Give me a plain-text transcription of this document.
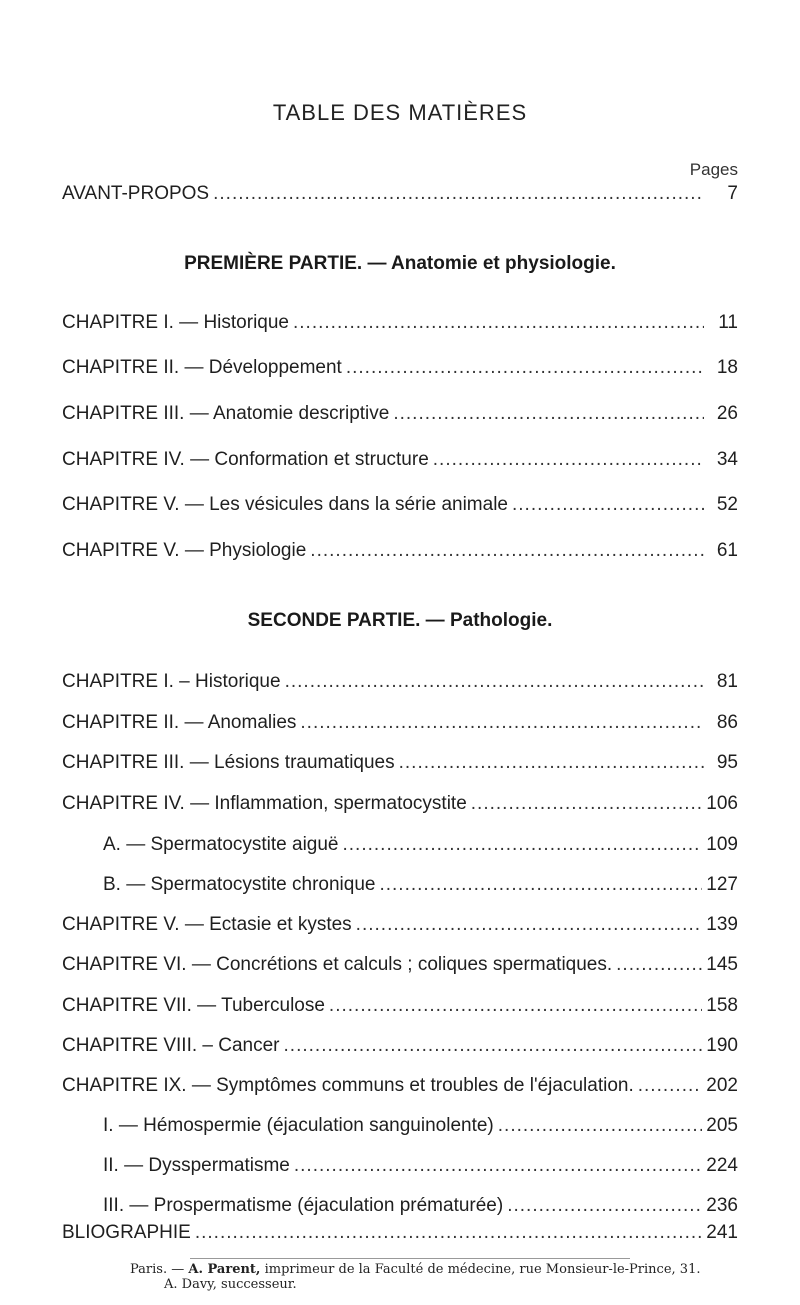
TABLE DES MATIÈRES
Pages
AVANT-PROPOS .....	7
PREMIÈRE PARTIE. — Anatomie et physiologie.
CHAPITRE I. — Historique .....	11
CHAPITRE II. — Développement .....	18
CHAPITRE III. — Anatomie descriptive .....	26
CHAPITRE IV. — Conformation et structure .....	34
CHAPITRE V. — Les vésicules dans la série animale .....	52
CHAPITRE V. — Physiologie .....	61
SECONDE PARTIE. — Pathologie.
CHAPITRE I. – Historique .....	81
CHAPITRE II. — Anomalies .....	86
CHAPITRE III. — Lésions traumatiques .....	95
CHAPITRE IV. — Inflammation, spermatocystite .....	106
A. — Spermatocystite aiguë .....	109
B. — Spermatocystite chronique .....	127
CHAPITRE V. — Ectasie et kystes .....	139
CHAPITRE VI. — Concrétions et calculs ; coliques spermatiques. .....	145
CHAPITRE VII. — Tuberculose .....	158
CHAPITRE VIII. – Cancer .....	190
CHAPITRE IX. — Symptômes communs et troubles de l'éjaculation. .....	202
I. — Hémospermie (éjaculation sanguinolente) .....	205
II. — Dysspermatisme .....	224
III. — Prospermatisme (éjaculation prématurée) .....	236
BLIOGRAPHIE .....	241
Paris. — A. Parent, imprimeur de la Faculté de médecine, rue Monsieur-le-Prince, 31.
A. Davy, successeur.
